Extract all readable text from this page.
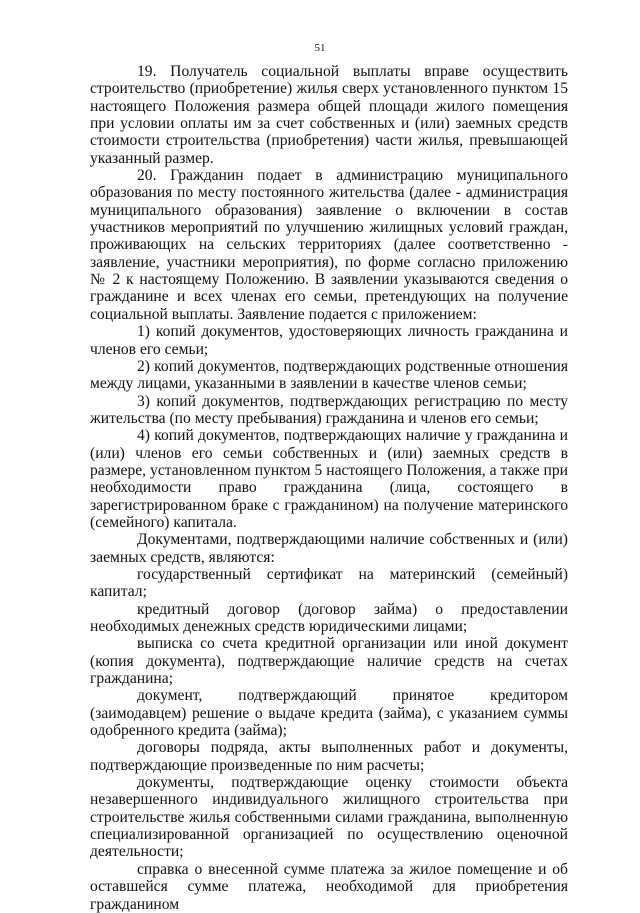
51

19. Получатель социальной выплаты вправе осуществить строительство (приобретение) жилья сверх установленного пунктом 15 настоящего Положения размера общей площади жилого помещения при условии оплаты им за счет собственных и (или) заемных средств стоимости строительства (приобретения) части жилья, превышающей указанный размер.

20. Гражданин подает в администрацию муниципального образования по месту постоянного жительства (далее - администрация муниципального образования) заявление о включении в состав участников мероприятий по улучшению жилищных условий граждан, проживающих на сельских территориях (далее соответственно - заявление, участники мероприятия), по форме согласно приложению № 2 к настоящему Положению. В заявлении указываются сведения о гражданине и всех членах его семьи, претендующих на получение социальной выплаты. Заявление подается с приложением:

1) копий документов, удостоверяющих личность гражданина и членов его семьи;

2) копий документов, подтверждающих родственные отношения между лицами, указанными в заявлении в качестве членов семьи;

3) копий документов, подтверждающих регистрацию по месту жительства (по месту пребывания) гражданина и членов его семьи;

4) копий документов, подтверждающих наличие у гражданина и (или) членов его семьи собственных и (или) заемных средств в размере, установленном пунктом 5 настоящего Положения, а также при необходимости право гражданина (лица, состоящего в зарегистрированном браке с гражданином) на получение материнского (семейного) капитала.

Документами, подтверждающими наличие собственных и (или) заемных средств, являются:

государственный сертификат на материнский (семейный) капитал;

кредитный договор (договор займа) о предоставлении необходимых денежных средств юридическими лицами;

выписка со счета кредитной организации или иной документ (копия документа), подтверждающие наличие средств на счетах гражданина;

документ, подтверждающий принятое кредитором (заимодавцем) решение о выдаче кредита (займа), с указанием суммы одобренного кредита (займа);

договоры подряда, акты выполненных работ и документы, подтверждающие произведенные по ним расчеты;

документы, подтверждающие оценку стоимости объекта незавершенного индивидуального жилищного строительства при строительстве жилья собственными силами гражданина, выполненную специализированной организацией по осуществлению оценочной деятельности;

справка о внесенной сумме платежа за жилое помещение и об оставшейся сумме платежа, необходимой для приобретения гражданином
